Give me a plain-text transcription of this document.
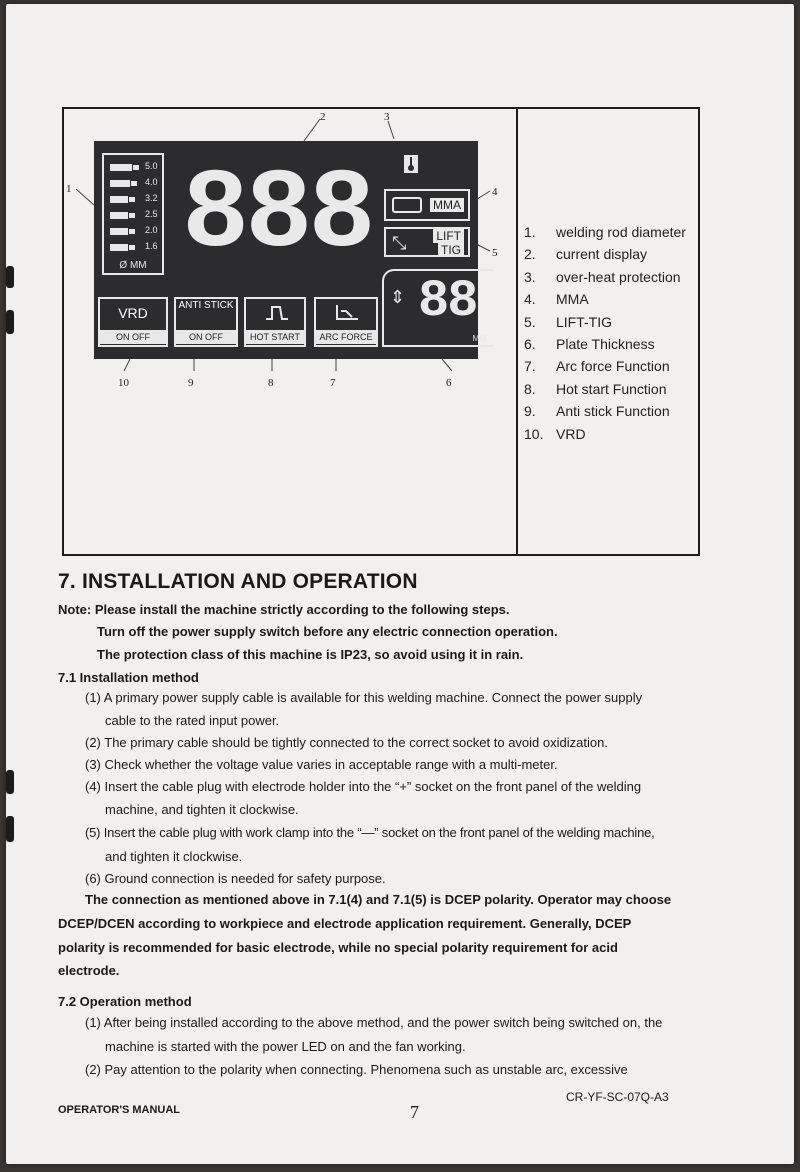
1
2	3
4
5
6
7
8
9
10
5.0
4.0
3.2
2.5
2.0
1.6
Ø MM 888	MMA
⤡ LIFT
TIG
⇕ 88
MM
VRD
ON OFF
ANTI STICK
ON OFF	HOT START	ARC FORCE
1.	welding rod diameter
2.	current display
3.	over-heat protection
4.	MMA
5.	LIFT-TIG
6.	Plate Thickness
7.	Arc force Function
8.	Hot start Function
9.	Anti stick Function
10. VRD
7. INSTALLATION AND OPERATION
Note: Please install the machine strictly according to the following steps.
Turn off the power supply switch before any electric connection operation.
The protection class of this machine is IP23, so avoid using it in rain.
7.1 Installation method
(1) A primary power supply cable is available for this welding machine. Connect the power supply
cable to the rated input power.
(2) The primary cable should be tightly connected to the correct socket to avoid oxidization.
(3) Check whether the voltage value varies in acceptable range with a multi-meter.
(4) Insert the cable plug with electrode holder into the “+” socket on the front panel of the welding
machine, and tighten it clockwise.
(5) Insert the cable plug with work clamp into the “—” socket on the front panel of the welding machine,
and tighten it clockwise.
(6) Ground connection is needed for safety purpose.
The connection as mentioned above in 7.1(4) and 7.1(5) is DCEP polarity. Operator may choose
DCEP/DCEN according to workpiece and electrode application requirement. Generally, DCEP
polarity is recommended for basic electrode, while no special polarity requirement for acid
electrode.
7.2 Operation method
(1) After being installed according to the above method, and the power switch being switched on, the
machine is started with the power LED on and the fan working.
(2) Pay attention to the polarity when connecting. Phenomena such as unstable arc, excessive
CR-YF-SC-07Q-A3
OPERATOR'S MANUAL	7
